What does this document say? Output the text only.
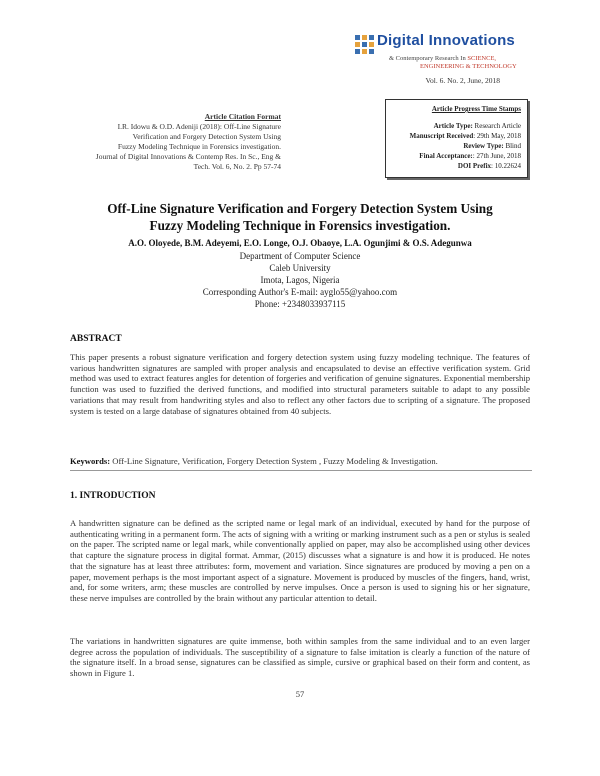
Digital Innovations
& Contemporary Research In SCIENCE,
ENGINEERING & TECHNOLOGY
Vol. 6. No. 2, June, 2018
Article Citation Format
I.R. Idowu & O.D. Adeniji (2018): Off-Line Signature
Verification and Forgery Detection System Using
Fuzzy Modeling Technique in Forensics investigation.
Journal of Digital Innovations & Contemp Res. In Sc., Eng &
Tech. Vol. 6, No. 2. Pp 57-74
Article Progress Time Stamps
Article Type: Research Article
Manuscript Received: 29th May, 2018
Review Type: Blind
Final Acceptance:: 27th June, 2018
DOI Prefix: 10.22624
Off-Line Signature Verification and Forgery Detection System Using
Fuzzy Modeling Technique in Forensics investigation.
A.O. Oloyede, B.M. Adeyemi, E.O. Longe, O.J. Obaoye, L.A. Ogunjimi & O.S. Adegunwa
Department of Computer Science
Caleb University
Imota, Lagos, Nigeria
Corresponding Author's E-mail: ayglo55@yahoo.com
Phone: +2348033937115
ABSTRACT
This paper presents a robust signature verification and forgery detection system using fuzzy modeling technique. The features of various handwritten signatures are sampled with proper analysis and encapsulated to devise an effective verification system. Grid method was used to extract features angles for detention of forgeries and verification of genuine signatures. Exponential membership function was used to fuzzified the derived functions, and modified into structural parameters suitable to adapt to any possible variations that may result from handwriting styles and also to reflect any other factors due to scripting of a signature. The proposed system is tested on a large database of signatures obtained from 40 subjects.
Keywords: Off-Line Signature, Verification, Forgery Detection System , Fuzzy Modeling & Investigation.
1. INTRODUCTION
A handwritten signature can be defined as the scripted name or legal mark of an individual, executed by hand for the purpose of authenticating writing in a permanent form. The acts of signing with a writing or marking instrument such as a pen or stylus is sealed on the paper. The scripted name or legal mark, while conventionally applied on paper, may also be accomplished using other devices that capture the signature process in digital format. Ammar, (2015) discusses what a signature is and how it is produced. He notes that the signature has at least three attributes: form, movement and variation. Since signatures are produced by moving a pen on a paper, movement perhaps is the most important aspect of a signature. Movement is produced by muscles of the fingers, hand, wrist, and, for some writers, arm; these muscles are controlled by nerve impulses. Once a person is used to signing his or her signature, these nerve impulses are controlled by the brain without any particular attention to detail.
The variations in handwritten signatures are quite immense, both within samples from the same individual and to an even larger degree across the population of individuals. The susceptibility of a signature to false imitation is clearly a function of the nature of the signature itself. In a broad sense, signatures can be classified as simple, cursive or graphical based on their form and content, as shown in Figure 1.
57
